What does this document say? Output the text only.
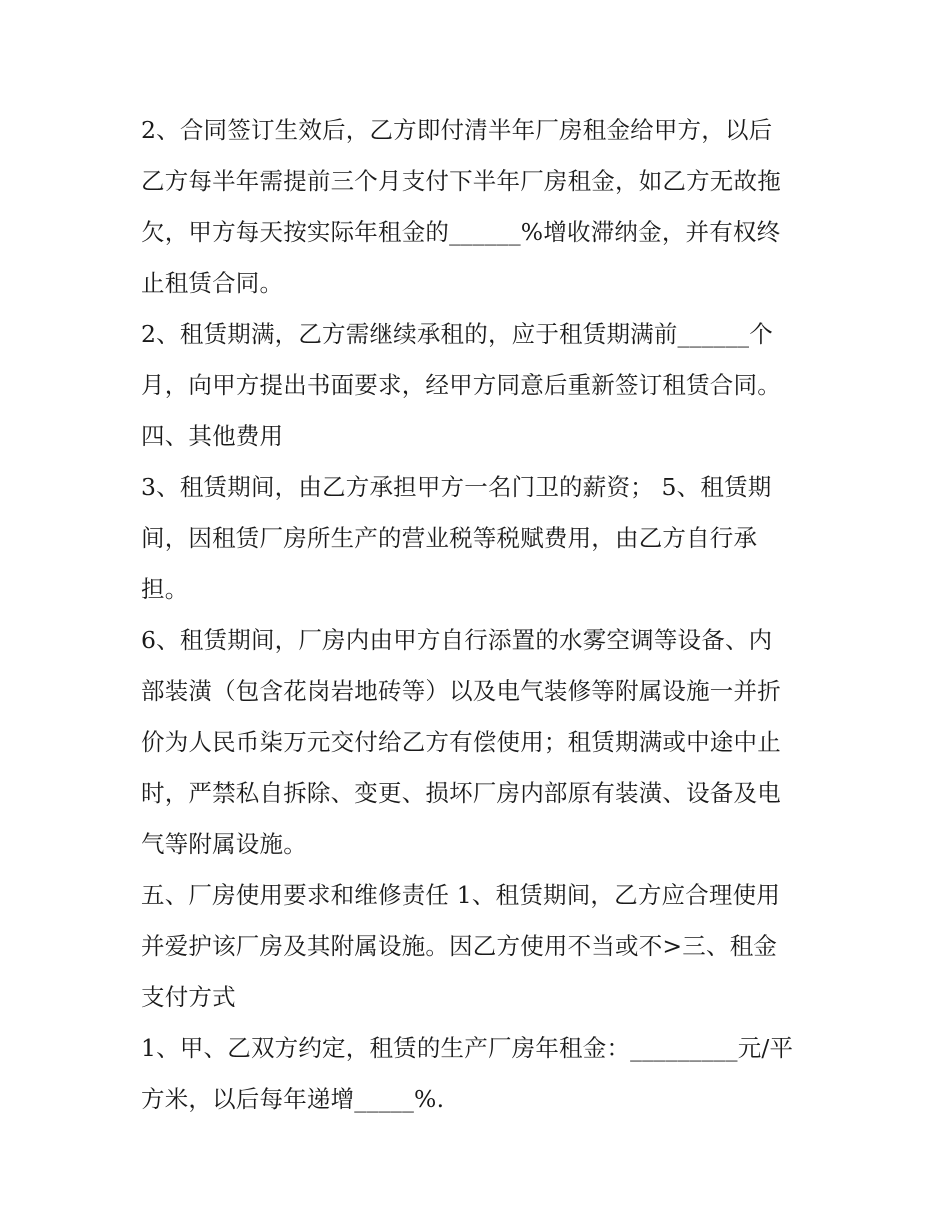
2、合同签订生效后，乙方即付清半年厂房租金给甲方，以后
乙方每半年需提前三个月支付下半年厂房租金，如乙方无故拖
欠，甲方每天按实际年租金的______%增收滞纳金，并有权终
止租赁合同。
2、租赁期满，乙方需继续承租的，应于租赁期满前______个
月，向甲方提出书面要求，经甲方同意后重新签订租赁合同。
四、其他费用
3、租赁期间，由乙方承担甲方一名门卫的薪资； 5、租赁期
间，因租赁厂房所生产的营业税等税赋费用，由乙方自行承
担。
6、租赁期间，厂房内由甲方自行添置的水雾空调等设备、内
部装潢（包含花岗岩地砖等）以及电气装修等附属设施一并折
价为人民币柒万元交付给乙方有偿使用；租赁期满或中途中止
时，严禁私自拆除、变更、损坏厂房内部原有装潢、设备及电
气等附属设施。
五、厂房使用要求和维修责任 1、租赁期间，乙方应合理使用
并爱护该厂房及其附属设施。因乙方使用不当或不>三、租金
支付方式
1、甲、乙双方约定，租赁的生产厂房年租金：_________元/平
方米，以后每年递增_____%.
